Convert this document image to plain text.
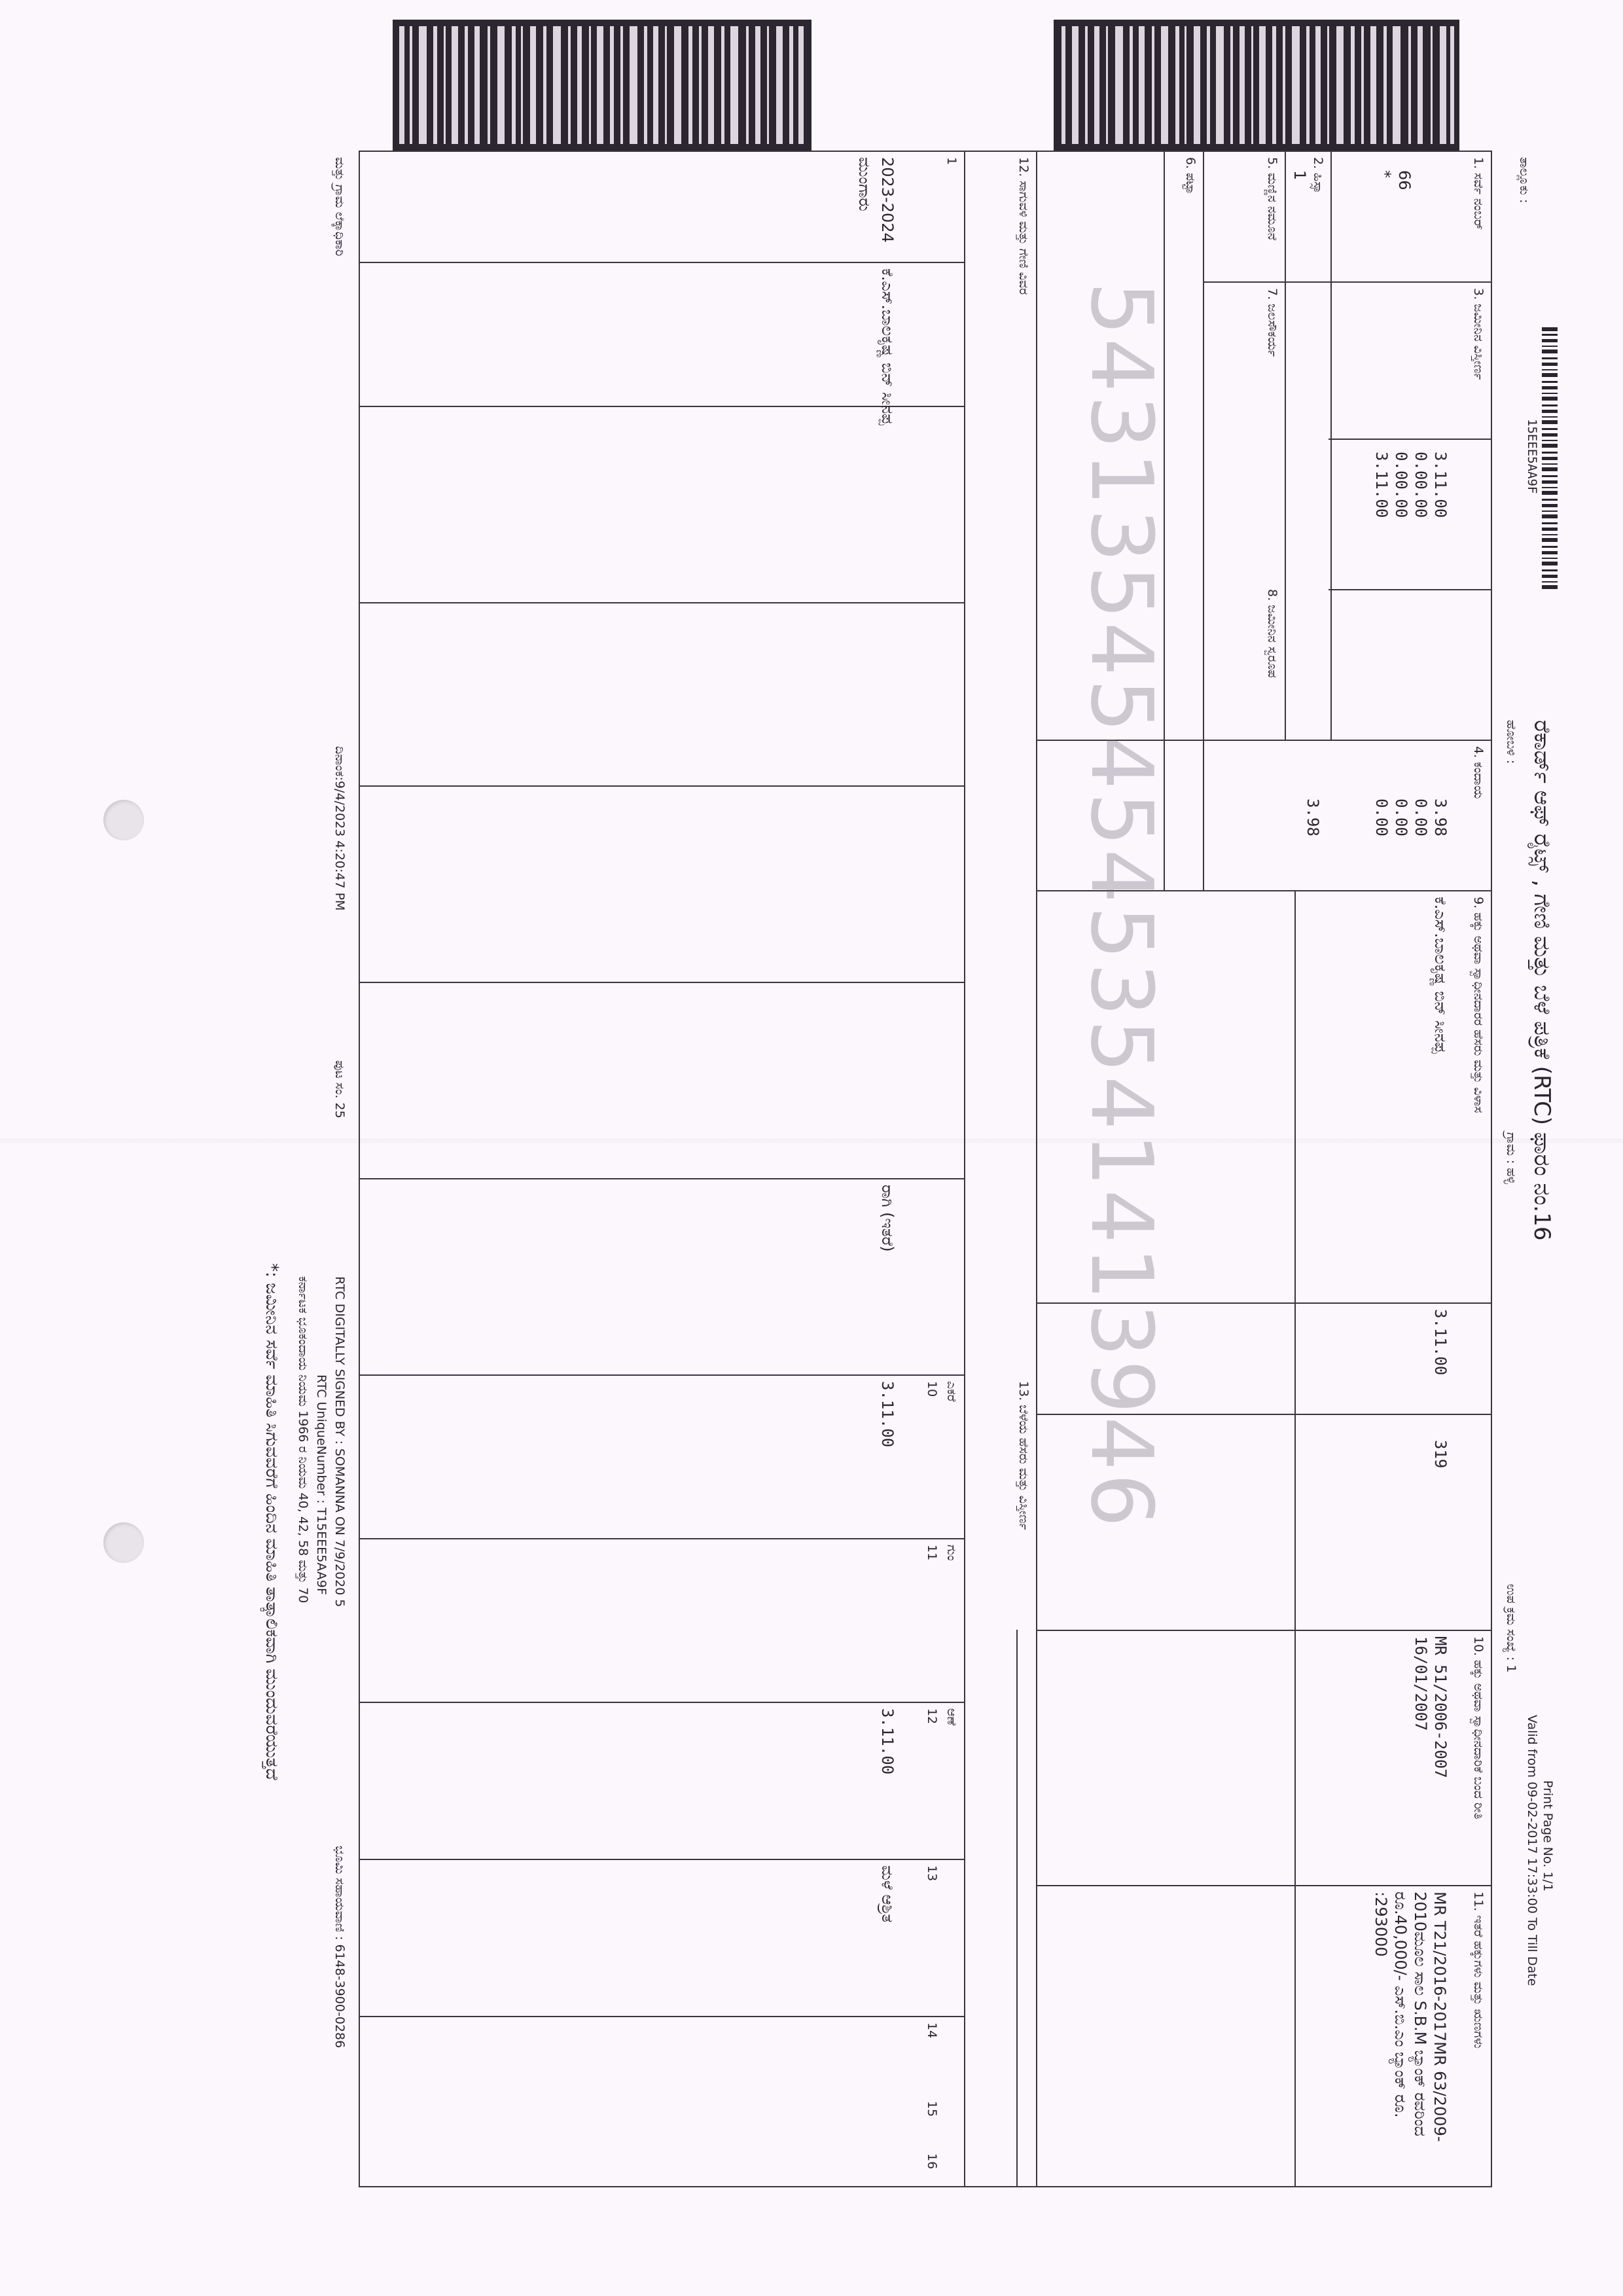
15EEE5AA9F
ರೆಕಾರ್ಡ್ ಆಫ್ ರೈಟ್ಸ್ , ಗೇಣಿ ಮತ್ತು ಬೆಳೆ ಪತ್ರಿಕೆ (RTC) ಫಾರಂ ನಂ.16
Print Page No. 1/1
Valid from 09-02-2017 17:33:00 To Till Date
ತಾಲ್ಲೂಕು :
ಹೋಬಳಿ :
ಗ್ರಾಮ : ಹಳ್ಳಿ
ಉಪ ಕ್ರಮ ಸಂಖ್ಯೆ : 1
1. ಸರ್ವೆ ನಂಬರ್
3. ಜಮೀನಿನ ವಿಸ್ತೀರ್ಣ
4. ಕಂದಾಯ
9. ಹಕ್ಕು ಅಥವಾ ಸ್ವಾಧೀನದಾರರ ಹೆಸರು ಮತ್ತು ವಿಳಾಸ
10. ಹಕ್ಕು ಅಥವಾ ಸ್ವಾಧೀನದಾರಿಕೆ ಬಂದ ರೀತಿ
11. ಇತರೆ ಹಕ್ಕುಗಳು ಮತ್ತು ಋಣಗಳು
2. ಹಿಸ್ಸಾ
5. ಮಣ್ಣಿನ ನಮೂನೆ
6. ಪಟ್ಟಾ
7. ಜಲಸೌಕರ್ಯ
8. ಜಮೀನಿನ ಸ್ವರೂಪ
12. ಸಾಗುವಳಿ ಮತ್ತು ಗೇಣಿ ವಿವರ
13. ಬೆಳೆಯ ಹೆಸರು ಮತ್ತು ವಿಸ್ತೀರ್ಣ
66
*
1
3.11.00
0.00.00
0.00.00
3.11.00
3.98
0.00
0.00
0.00
3.98
ಕೆ.ಎಸ್.ಬಾಲಕೃಷ್ಣ ಬಿನ್ ಸೀನಪ್ಪ
3.11.00
319
MR 51/2006-2007
16/01/2007
MR T21/2016-2017MR 63/2009-2010ಮೂಲ ಸಾಲ S.B.M ಬ್ಯಾಂಕ್ ರವರಿಂದ ರೂ.40,000/- ಎಸ್.ಬಿ.ಎಂ ಬ್ಯಾಂಕ್ ರೂ. :293000
1
ಎಕರೆ
ಗುಂ
ಆಣೆ
10
11
12
13
14
15
16
2023-2024
ಮುಂಗಾರು
ಕೆ.ಎಸ್.ಬಾಲಕೃಷ್ಣ ಬಿನ್ ಸೀನಪ್ಪ
ರಾಗಿ (ಇತರೆ)
3.11.00
3.11.00
ಮಳೆ ಆಶ್ರಿತ
5431354545453541413946
ಮತ್ತು ಗ್ರಾಮ ಲೆಕ್ಕಾಧಿಕಾರಿ
ದಿನಾಂಕ:9/4/2023 4:20:47 PM
ಪುಟ ಸಂ. 25
RTC DIGITALLY SIGNED BY : SOMANNA ON 7/9/2020 5
RTC UniqueNumber : T15EEE5AA9F
ಕರ್ನಾಟಕ ಭೂಕಂದಾಯ ನಿಯಮ 1966 ರ ನಿಯಮ 40, 42, 58 ಮತ್ತು 70
ಭೂಮಿ ಸಹಾಯವಾಣಿ : 6148-3900-0286
*: ಜಮೀನಿನ ಸರ್ವೆ ಮಾಹಿತಿ ಸಿಗುವವರೆಗೆ ಹಿಂದಿನ ಮಾಹಿತಿ ತಾತ್ಕಾಲಿಕವಾಗಿ ಮುಂದುವರೆಯುತ್ತದೆ
